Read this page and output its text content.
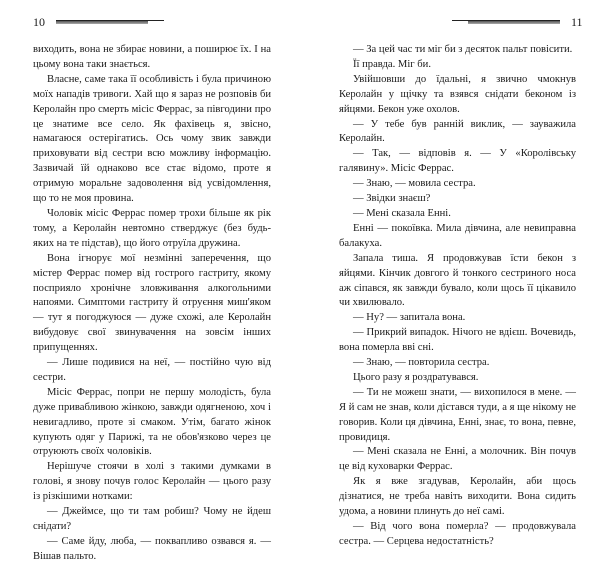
10

виходить, вона не збирає новини, а поширює їх. І на цьому вона таки знається.

Власне, саме така її особливість і була причиною моїх нападів тривоги. Хай що я зараз не розповів би Керолайн про смерть місіс Феррас, за півгодини про це знатиме все село. Як фахівець я, звісно, намагаюся остерігатись. Ось чому звик завжди приховувати від сестри всю можливу інформацію. Зазвичай їй однаково все стає відомо, проте я отримую моральне задоволення від усвідомлення, що то не моя провина.

Чоловік місіс Феррас помер трохи більше як рік тому, а Керолайн невтомно стверджує (без будь-яких на те підстав), що його отруїла дружина.

Вона ігнорує мої незмінні заперечення, що містер Феррас помер від гострого гастриту, якому посприяло хронічне зловживання алкогольними напоями. Симптоми гастриту й отруєння миш'яком — тут я погоджуюся — дуже схожі, але Керолайн вибудовує свої звинувачення на зовсім інших припущеннях.

— Лише подивися на неї, — постійно чую від сестри.

Місіс Феррас, попри не першу молодість, була дуже привабливою жінкою, завжди одягненою, хоч і невигадливо, проте зі смаком. Утім, багато жінок купують одяг у Парижі, та не обов'язково через це отруюють своїх чоловіків.

Нерішуче стоячи в холі з такими думками в голові, я знову почув голос Керолайн — цього разу із різкішими нотками:

— Джеймсе, що ти там робиш? Чому не йдеш снідати?

— Саме йду, люба, — поквапливо озвався я. — Вішав пальто.

11

— За цей час ти міг би з десяток пальт повісити.

Її правда. Міг би.

Увійшовши до їдальні, я звично чмокнув Керолайн у щічку та взявся снідати беконом із яйцями. Бекон уже охолов.

— У тебе був ранній виклик, — зауважила Керолайн.

— Так, — відповів я. — У «Королівську галявину». Місіс Феррас.

— Знаю, — мовила сестра.

— Звідки знаєш?

— Мені сказала Енні.

Енні — покоївка. Мила дівчина, але невиправна балакуха.

Запала тиша. Я продовжував їсти бекон з яйцями. Кінчик довгого й тонкого сестриного носа аж сіпався, як завжди бувало, коли щось її цікавило чи хвилювало.

— Ну? — запитала вона.

— Прикрий випадок. Нічого не вдієш. Вочевидь, вона померла вві сні.

— Знаю, — повторила сестра.

Цього разу я роздратувався.

— Ти не можеш знати, — вихопилося в мене. — Я й сам не знав, коли дістався туди, а я ще нікому не говорив. Коли ця дівчина, Енні, знає, то вона, певне, провидиця.

— Мені сказала не Енні, а молочник. Він почув це від куховарки Феррас.

Як я вже згадував, Керолайн, аби щось дізнатися, не треба навіть виходити. Вона сидить удома, а новини плинуть до неї самі.

— Від чого вона померла? — продовжувала сестра. — Серцева недостатність?
